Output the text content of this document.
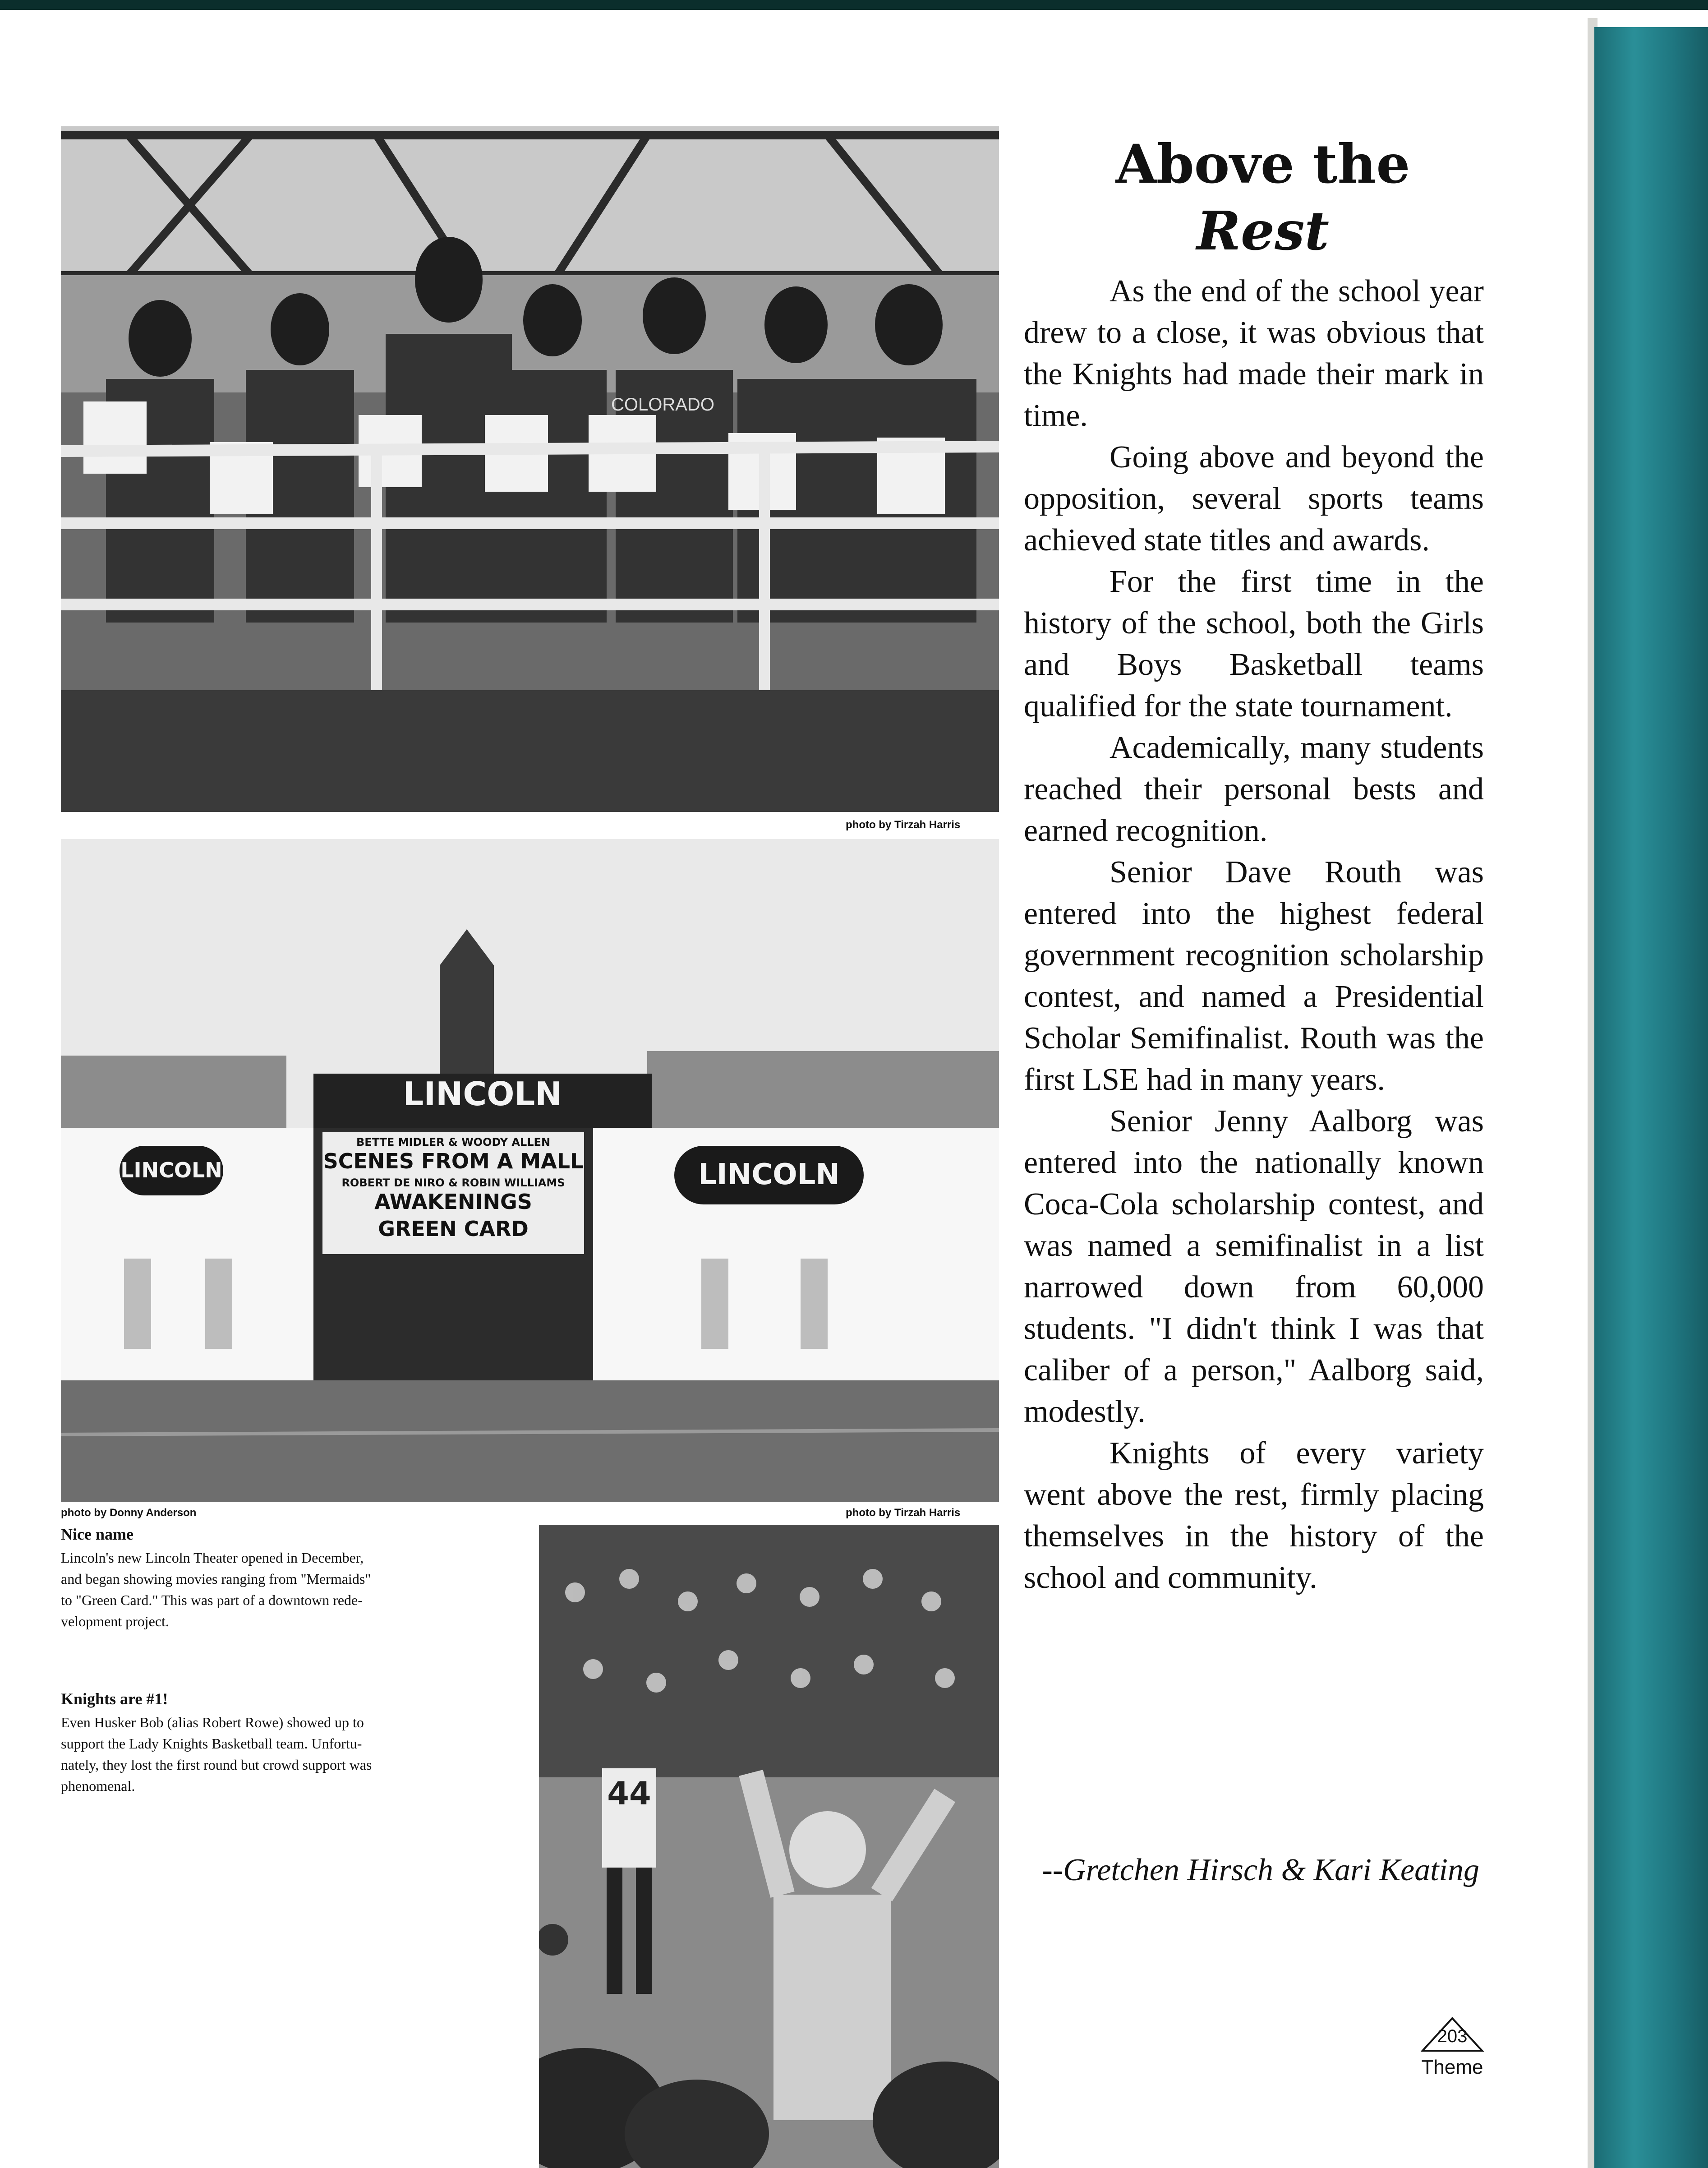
COLORADO
photo by Tirzah Harris
LINCOLN
BETTE MIDLER & WOODY ALLEN
SCENES FROM A MALL
ROBERT DE NIRO & ROBIN WILLIAMS
AWAKENINGS
GREEN CARD
LINCOLN	LINCOLN
photo by Donny Anderson	photo by Tirzah Harris
44
Nice name
Lincoln's new Lincoln Theater opened in December,
and began showing movies ranging from "Mermaids"
to "Green Card." This was part of a downtown rede-
velopment project.
Knights are #1!
Even Husker Bob (alias Robert Rowe) showed up to
support the Lady Knights Basketball team. Unfortu-
nately, they lost the first round but crowd support was
phenomenal.
Above the
Rest

As the end of the school year drew to a close, it was obvious that the Knights had made their mark in time.

Going above and beyond the opposition, several sports teams achieved state titles and awards.

For the first time in the history of the school, both the Girls and Boys Basketball teams qualified for the state tournament.

Academically, many students reached their personal bests and earned recognition.

Senior Dave Routh was entered into the highest federal government recognition scholarship contest, and named a Presidential Scholar Semifinalist. Routh was the first LSE had in many years.

Senior Jenny Aalborg was entered into the nationally known Coca-Cola scholarship contest, and was named a semifinalist in a list narrowed down from 60,000 students. "I didn't think I was that caliber of a person," Aalborg said, modestly.

Knights of every variety went above the rest, firmly placing themselves in the history of the school and community.

--Gretchen Hirsch & Kari Keating
203
Theme
